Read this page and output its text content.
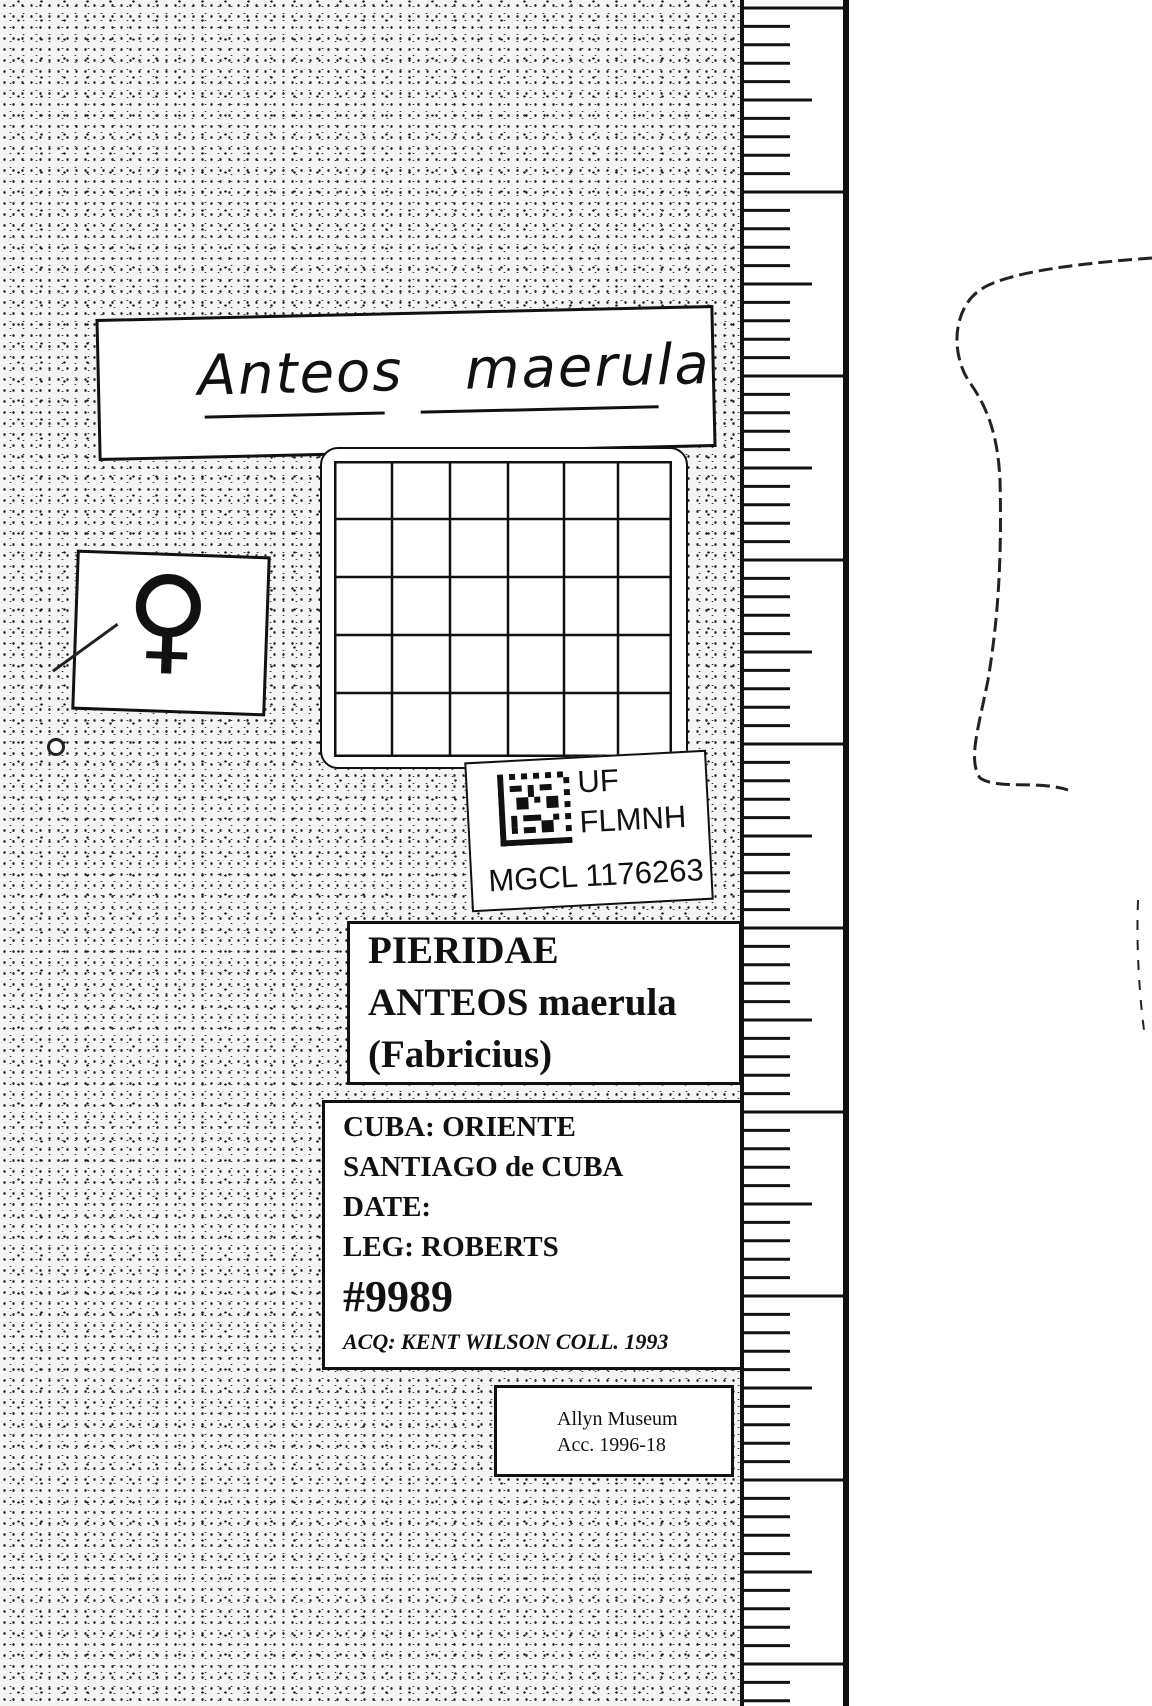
Anteos maerula
♀
UF
FLMNH
MGCL 1176263
PIERIDAE
ANTEOS maerula
(Fabricius)
CUBA: ORIENTE
SANTIAGO de CUBA
DATE:
LEG: ROBERTS
#9989
ACQ: KENT WILSON COLL. 1993
Allyn Museum
Acc. 1996-18
